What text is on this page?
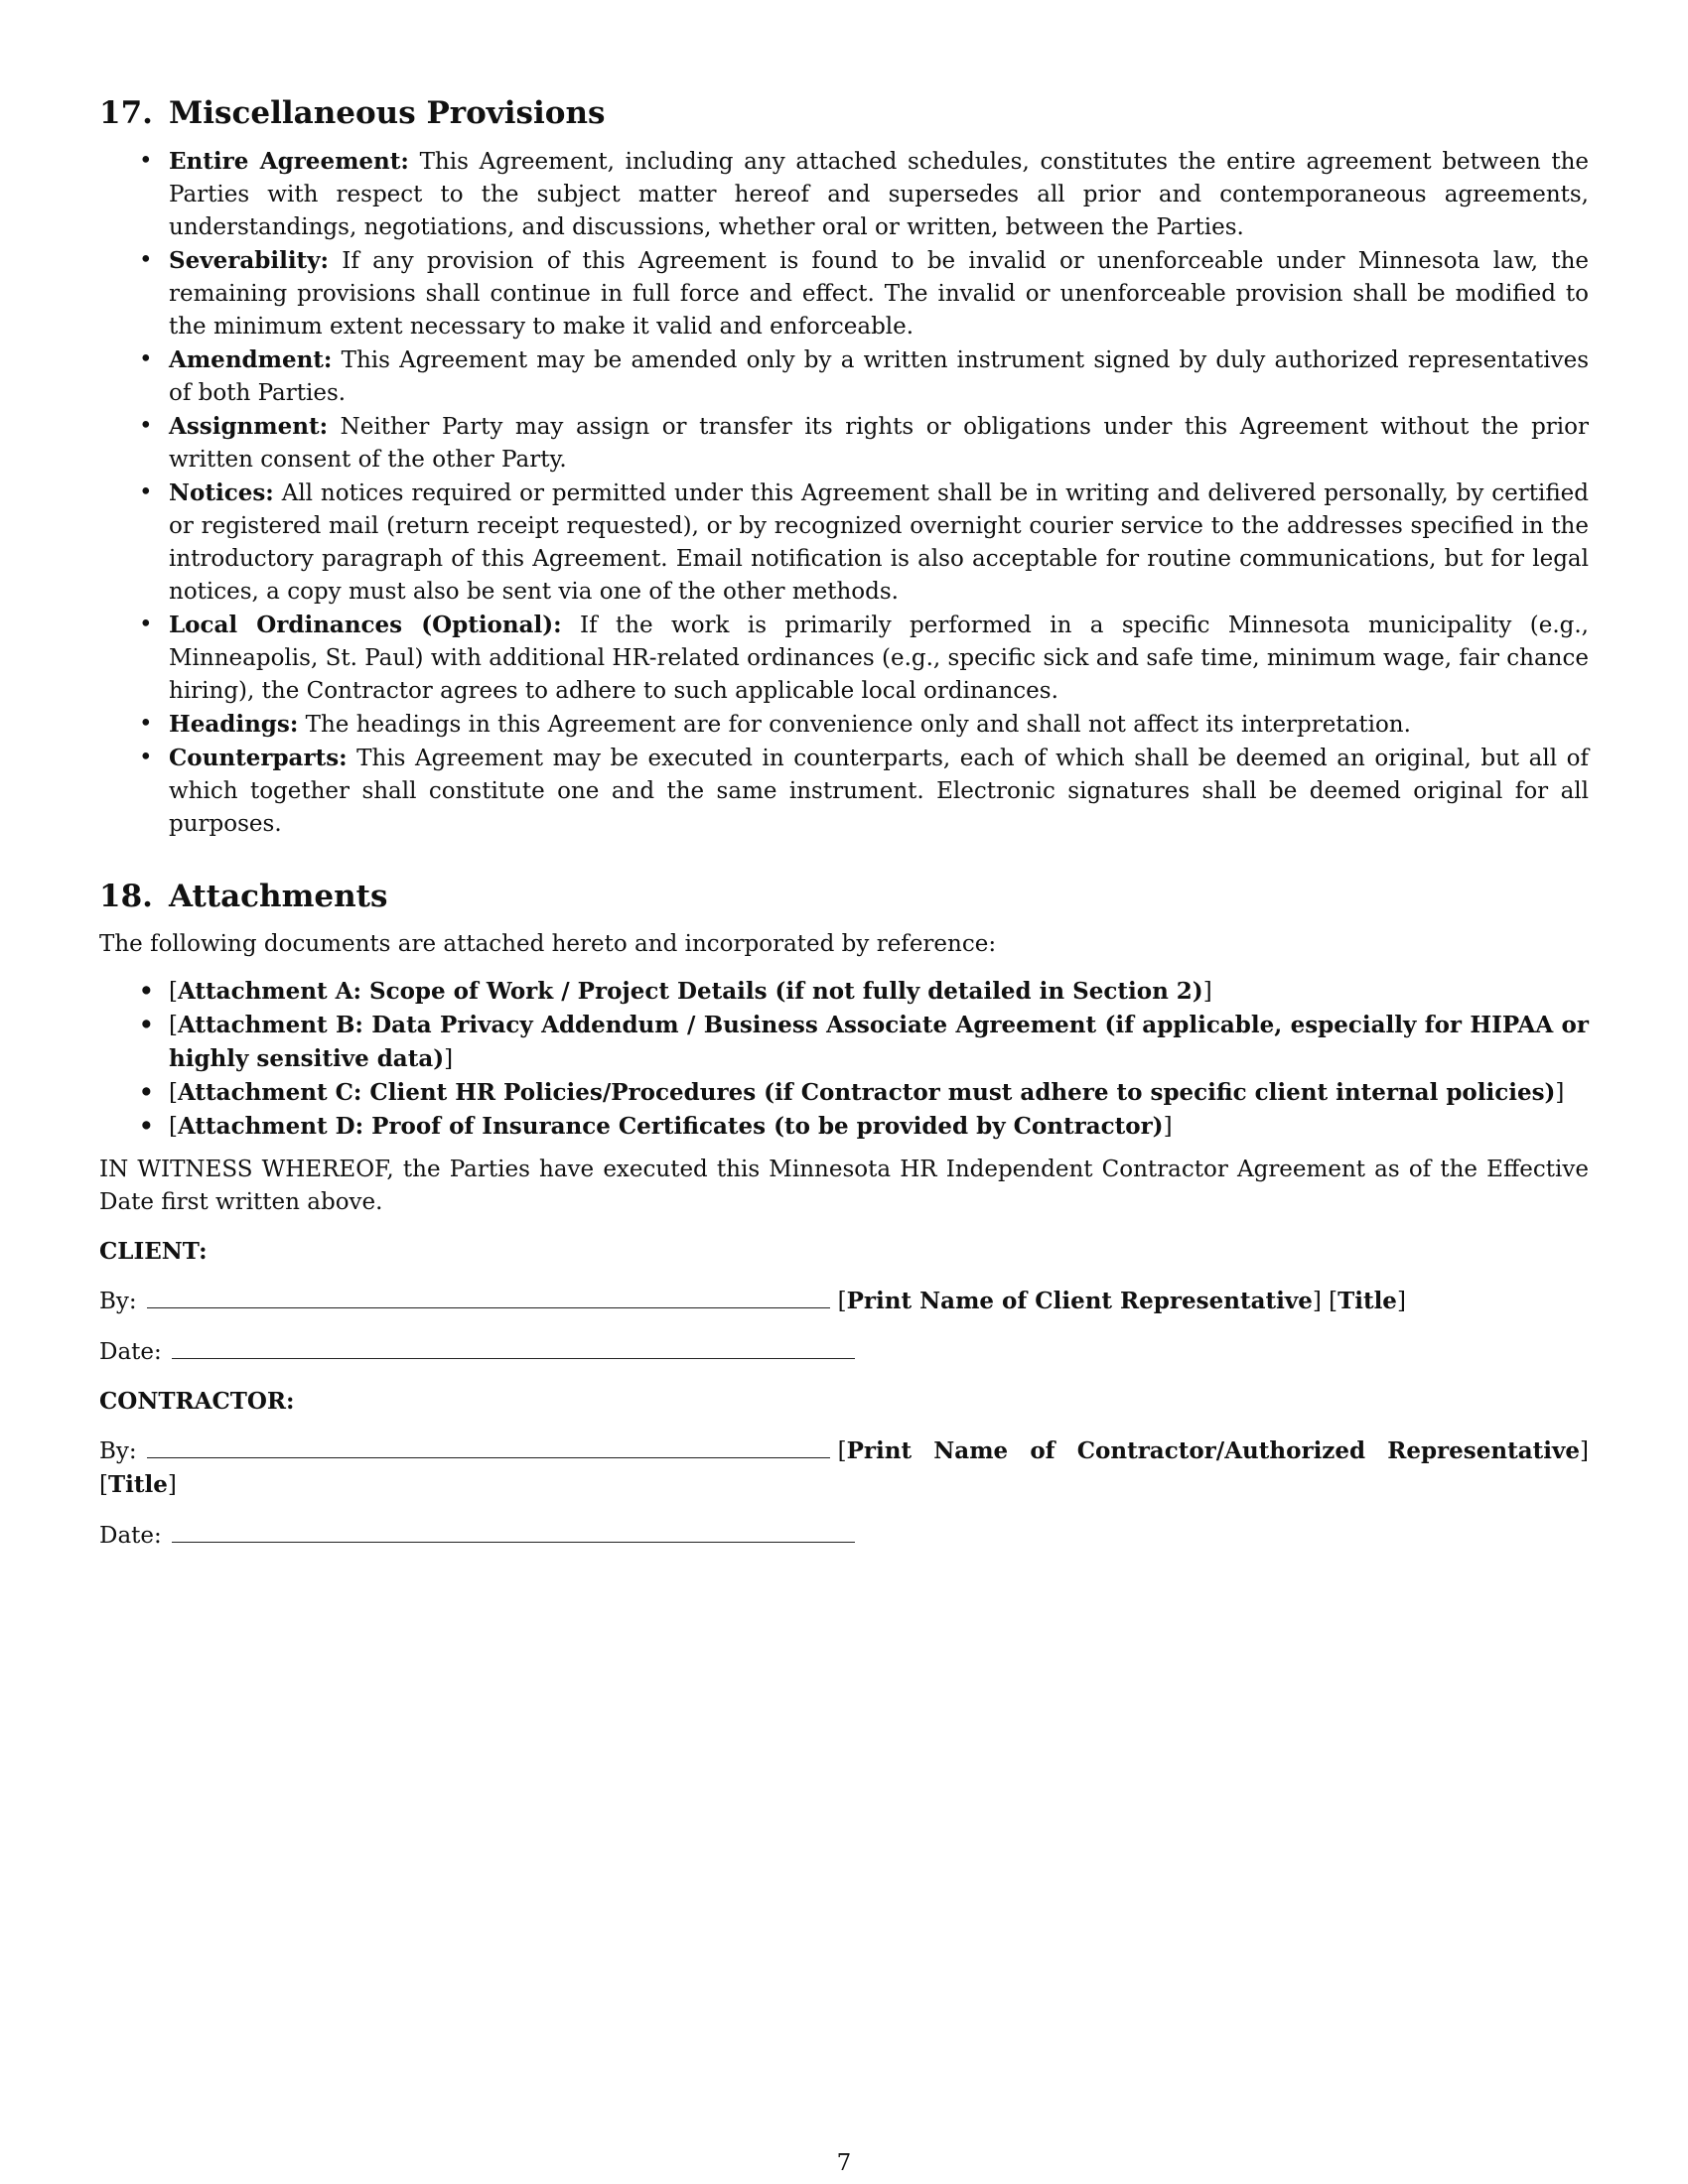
17. Miscellaneous Provisions
• Entire Agreement: This Agreement, including any attached schedules, constitutes the entire agreement between the Parties with respect to the subject matter hereof and supersedes all prior and contemporaneous agreements, understandings, negotiations, and discussions, whether oral or written, between the Parties.
• Severability: If any provision of this Agreement is found to be invalid or unenforceable under Minnesota law, the remaining provisions shall continue in full force and effect. The invalid or unenforceable provision shall be modified to the minimum extent necessary to make it valid and enforceable.
• Amendment: This Agreement may be amended only by a written instrument signed by duly authorized representatives of both Parties.
• Assignment: Neither Party may assign or transfer its rights or obligations under this Agreement without the prior written consent of the other Party.
• Notices: All notices required or permitted under this Agreement shall be in writing and delivered personally, by certified or registered mail (return receipt requested), or by recognized overnight courier service to the addresses specified in the introductory paragraph of this Agreement. Email notification is also acceptable for routine communications, but for legal notices, a copy must also be sent via one of the other methods.
• Local Ordinances (Optional): If the work is primarily performed in a specific Minnesota municipality (e.g., Minneapolis, St. Paul) with additional HR-related ordinances (e.g., specific sick and safe time, minimum wage, fair chance hiring), the Contractor agrees to adhere to such applicable local ordinances.
• Headings: The headings in this Agreement are for convenience only and shall not affect its interpretation.
• Counterparts: This Agreement may be executed in counterparts, each of which shall be deemed an original, but all of which together shall constitute one and the same instrument. Electronic signatures shall be deemed original for all purposes.
18. Attachments

The following documents are attached hereto and incorporated by reference:

• [Attachment A: Scope of Work / Project Details (if not fully detailed in Section 2)]
• [Attachment B: Data Privacy Addendum / Business Associate Agreement (if applicable, especially for HIPAA or highly sensitive data)]
• [Attachment C: Client HR Policies/Procedures (if Contractor must adhere to specific client internal policies)]
• [Attachment D: Proof of Insurance Certificates (to be provided by Contractor)]

IN WITNESS WHEREOF, the Parties have executed this Minnesota HR Independent Contractor Agreement as of the Effective Date first written above.

CLIENT:
By:	[Print Name of Client Representative] [Title]
Date:
CONTRACTOR:
By:	[Print Name of Contractor/Authorized Representative] [Title]
Date:
7
